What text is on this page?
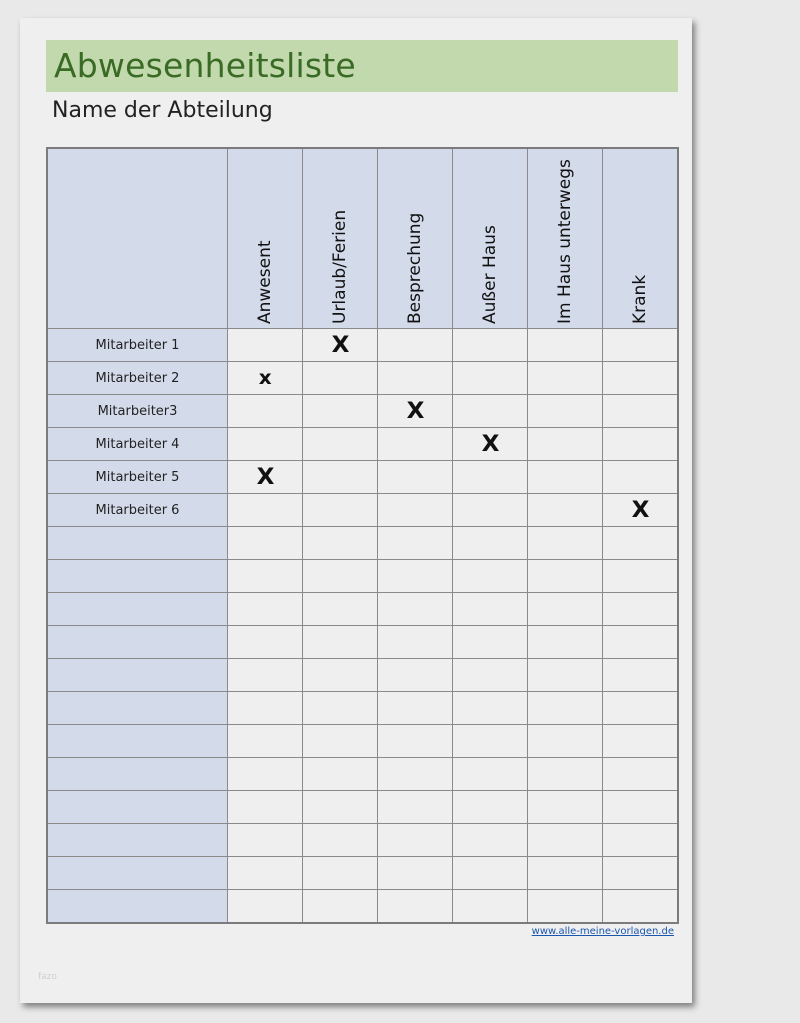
Abwesenheitsliste
Name der Abteilung

	Anwesent	Urlaub/Ferien	Besprechung	Außer Haus	Im Haus unterwegs	Krank

Mitarbeiter 1		X				
Mitarbeiter 2	x					
Mitarbeiter3			X			
Mitarbeiter 4				X		
Mitarbeiter 5	X					
Mitarbeiter 6						X

www.alle-meine-vorlagen.de
fazo
